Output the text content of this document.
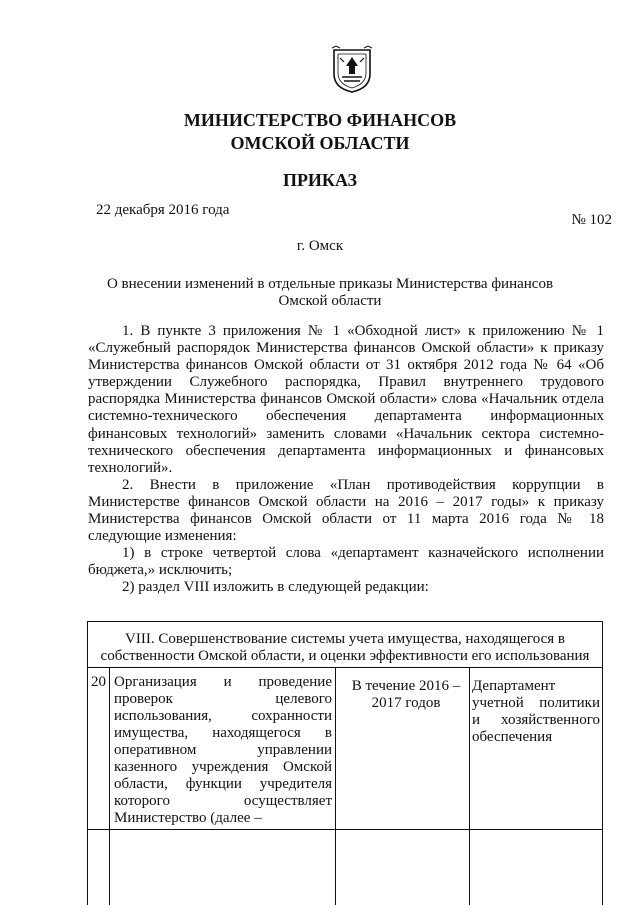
МИНИСТЕРСТВО ФИНАНСОВ
ОМСКОЙ ОБЛАСТИ
ПРИКАЗ
22 декабря 2016 года
№ 102
г. Омск
О внесении изменений в отдельные приказы Министерства финансов
Омской области

1. В пункте 3 приложения № 1 «Обходной лист» к приложению № 1 «Служебный распорядок Министерства финансов Омской области» к приказу Министерства финансов Омской области от 31 октября 2012 года № 64 «Об утверждении Служебного распорядка, Правил внутреннего трудового распорядка Министерства финансов Омской области» слова «Начальник отдела системно-технического обеспечения департамента информационных финансовых технологий» заменить словами «Начальник сектора системно-технического обеспечения департамента информационных и финансовых технологий».

2. Внести в приложение «План противодействия коррупции в Министерстве финансов Омской области на 2016 – 2017 годы» к приказу Министерства финансов Омской области от 11 марта 2016 года № 18 следующие изменения:

1) в строке четвертой слова «департамент казначейского исполнении бюджета,» исключить;

2) раздел VIII изложить в следующей редакции:

VIII. Совершенствование системы учета имущества, находящегося в собственности Омской области, и оценки эффективности его использования
20 Организация и проведение проверок целевого использования, сохранности имущества, находящегося в оперативном управлении казенного учреждения Омской области, функции учредителя которого осуществляет Министерство (далее –
В течение 2016 – 2017 годов
Департамент учетной политики и хозяйственного обеспечения
